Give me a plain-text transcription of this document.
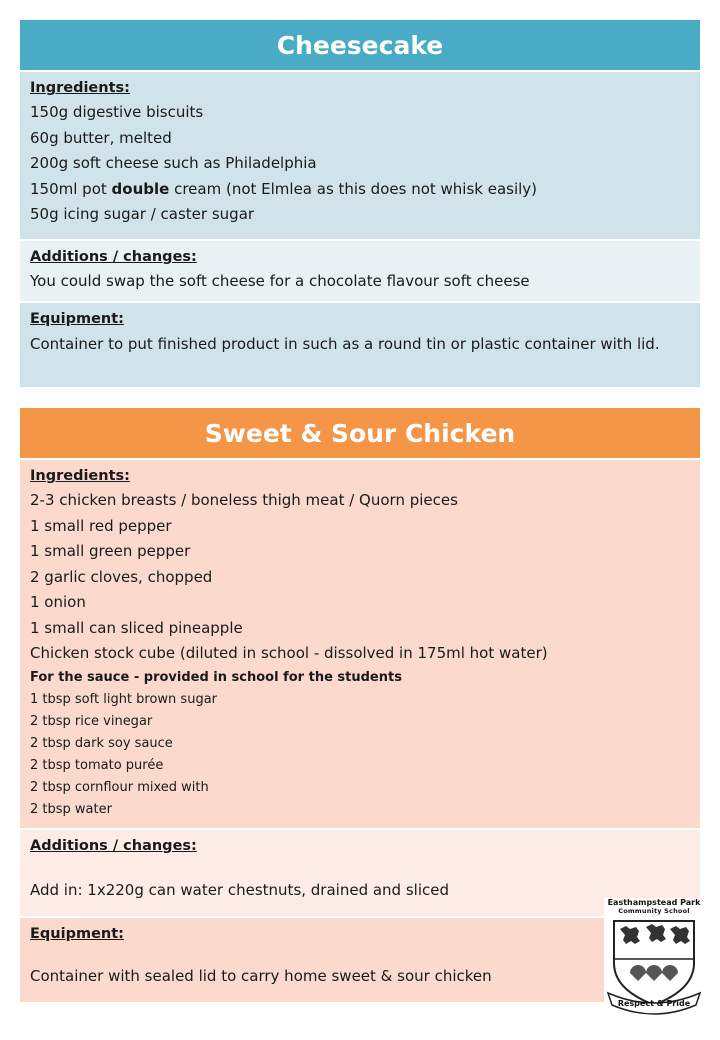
Cheesecake
Ingredients:
150g digestive biscuits
60g butter, melted
200g soft cheese such as Philadelphia
150ml pot double cream (not Elmlea as this does not whisk easily)
50g icing sugar / caster sugar
Additions / changes:
You could swap the soft cheese for a chocolate flavour soft cheese
Equipment:
Container to put finished product in such as a round tin or plastic container with lid.
Sweet & Sour Chicken
Ingredients:
2-3 chicken breasts / boneless thigh meat / Quorn pieces
1 small red pepper
1 small green pepper
2 garlic cloves, chopped
1 onion
1 small can sliced pineapple
Chicken stock cube (diluted in school - dissolved in 175ml hot water)
For the sauce - provided in school for the students
1 tbsp soft light brown sugar
2 tbsp rice vinegar
2 tbsp dark soy sauce
2 tbsp tomato purée
2 tbsp cornflour mixed with
2 tbsp water
Additions / changes:
Add in: 1x220g can water chestnuts, drained and sliced
Equipment:
Container with sealed lid to carry home sweet & sour chicken
Easthampstead Park
Community School
Respect & Pride
